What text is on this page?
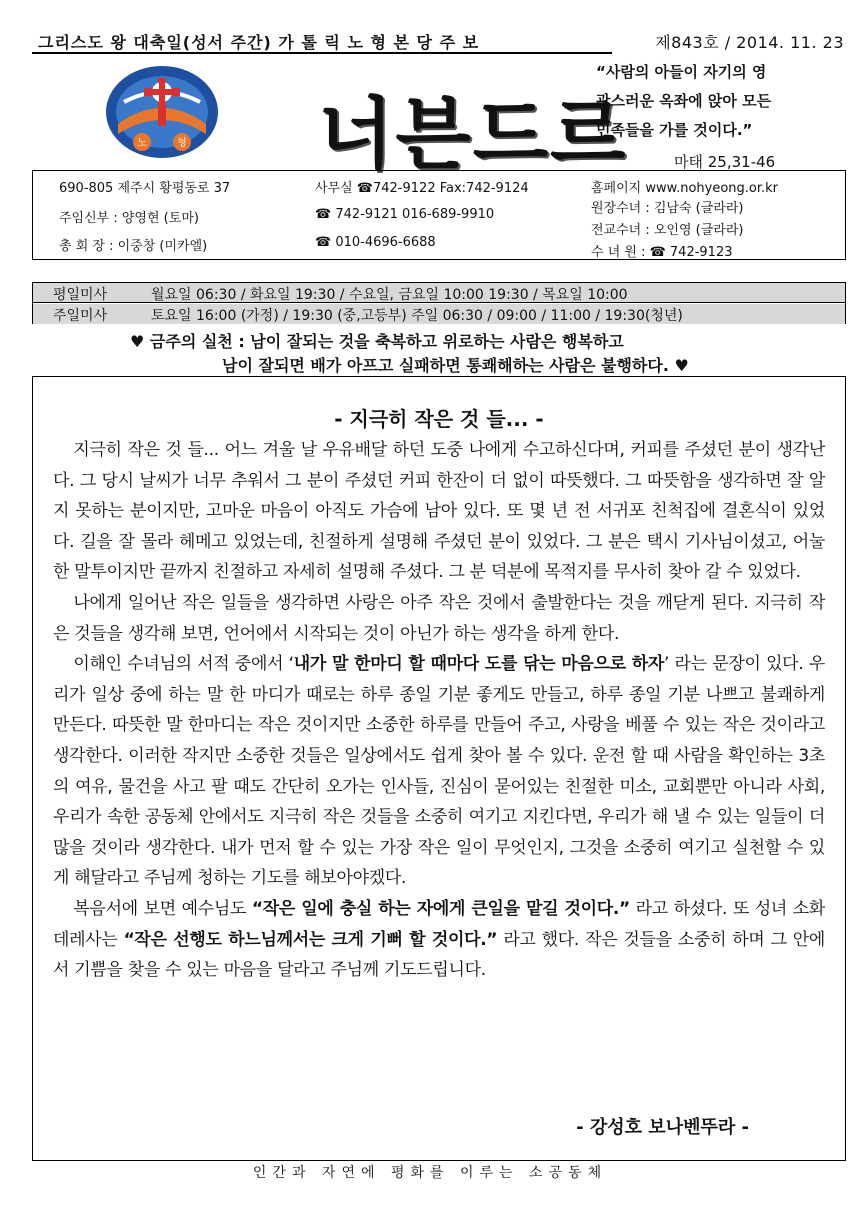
그리스도 왕 대축일(성서 주간) 가 톨 릭 노 형 본 당 주 보	제843호 / 2014. 11. 23
노	형 너븐드르
“사람의 아들이 자기의 영
광스러운 옥좌에 앉아 모든
민족들을 가를 것이다.”
마태 25,31-46
690-805 제주시 황평동로 37	사무실 ☎742-9122 Fax:742-9124	홈페이지 www.nohyeong.or.kr
주임신부 : 양영현 (토마)	☎ 742-9121 016-689-9910	원장수녀 : 김남숙 (글라라)
전교수녀 : 오인영 (글라라)
총 회 장 : 이중창 (미카엘)	☎ 010-4696-6688
수 녀 원 : ☎ 742-9123
평일미사	월요일 06:30 / 화요일 19:30 / 수요일, 금요일 10:00 19:30 / 목요일 10:00
주일미사	토요일 16:00 (가정) / 19:30 (중,고등부) 주일 06:30 / 09:00 / 11:00 / 19:30(청년)
♥ 금주의 실천 : 남이 잘되는 것을 축복하고 위로하는 사람은 행복하고
남이 잘되면 배가 아프고 실패하면 통쾌해하는 사람은 불행하다. ♥
- 지극히 작은 것 들... -

지극히 작은 것 들... 어느 겨울 날 우유배달 하던 도중 나에게 수고하신다며, 커피를 주셨던 분이 생각난다. 그 당시 날씨가 너무 추워서 그 분이 주셨던 커피 한잔이 더 없이 따뜻했다. 그 따뜻함을 생각하면 잘 알지 못하는 분이지만, 고마운 마음이 아직도 가슴에 남아 있다. 또 몇 년 전 서귀포 친척집에 결혼식이 있었다. 길을 잘 몰라 헤메고 있었는데, 친절하게 설명해 주셨던 분이 있었다. 그 분은 택시 기사님이셨고, 어눌한 말투이지만 끝까지 친절하고 자세히 설명해 주셨다. 그 분 덕분에 목적지를 무사히 찾아 갈 수 있었다.

나에게 일어난 작은 일들을 생각하면 사랑은 아주 작은 것에서 출발한다는 것을 깨닫게 된다. 지극히 작은 것들을 생각해 보면, 언어에서 시작되는 것이 아닌가 하는 생각을 하게 한다.

이해인 수녀님의 서적 중에서 ‘내가 말 한마디 할 때마다 도를 닦는 마음으로 하자’ 라는 문장이 있다. 우리가 일상 중에 하는 말 한 마디가 때로는 하루 종일 기분 좋게도 만들고, 하루 종일 기분 나쁘고 불쾌하게 만든다. 따뜻한 말 한마디는 작은 것이지만 소중한 하루를 만들어 주고, 사랑을 베풀 수 있는 작은 것이라고 생각한다. 이러한 작지만 소중한 것들은 일상에서도 쉽게 찾아 볼 수 있다. 운전 할 때 사람을 확인하는 3초의 여유, 물건을 사고 팔 때도 간단히 오가는 인사들, 진심이 묻어있는 친절한 미소, 교회뿐만 아니라 사회, 우리가 속한 공동체 안에서도 지극히 작은 것들을 소중히 여기고 지킨다면, 우리가 해 낼 수 있는 일들이 더 많을 것이라 생각한다. 내가 먼저 할 수 있는 가장 작은 일이 무엇인지, 그것을 소중히 여기고 실천할 수 있게 해달라고 주님께 청하는 기도를 해보아야겠다.

복음서에 보면 예수님도 “작은 일에 충실 하는 자에게 큰일을 맡길 것이다.” 라고 하셨다. 또 성녀 소화 데레사는 “작은 선행도 하느님께서는 크게 기뻐 할 것이다.” 라고 했다. 작은 것들을 소중히 하며 그 안에서 기쁨을 찾을 수 있는 마음을 달라고 주님께 기도드립니다.

- 강성호 보나벤뚜라 -
인간과 자연에 평화를 이루는 소공동체
